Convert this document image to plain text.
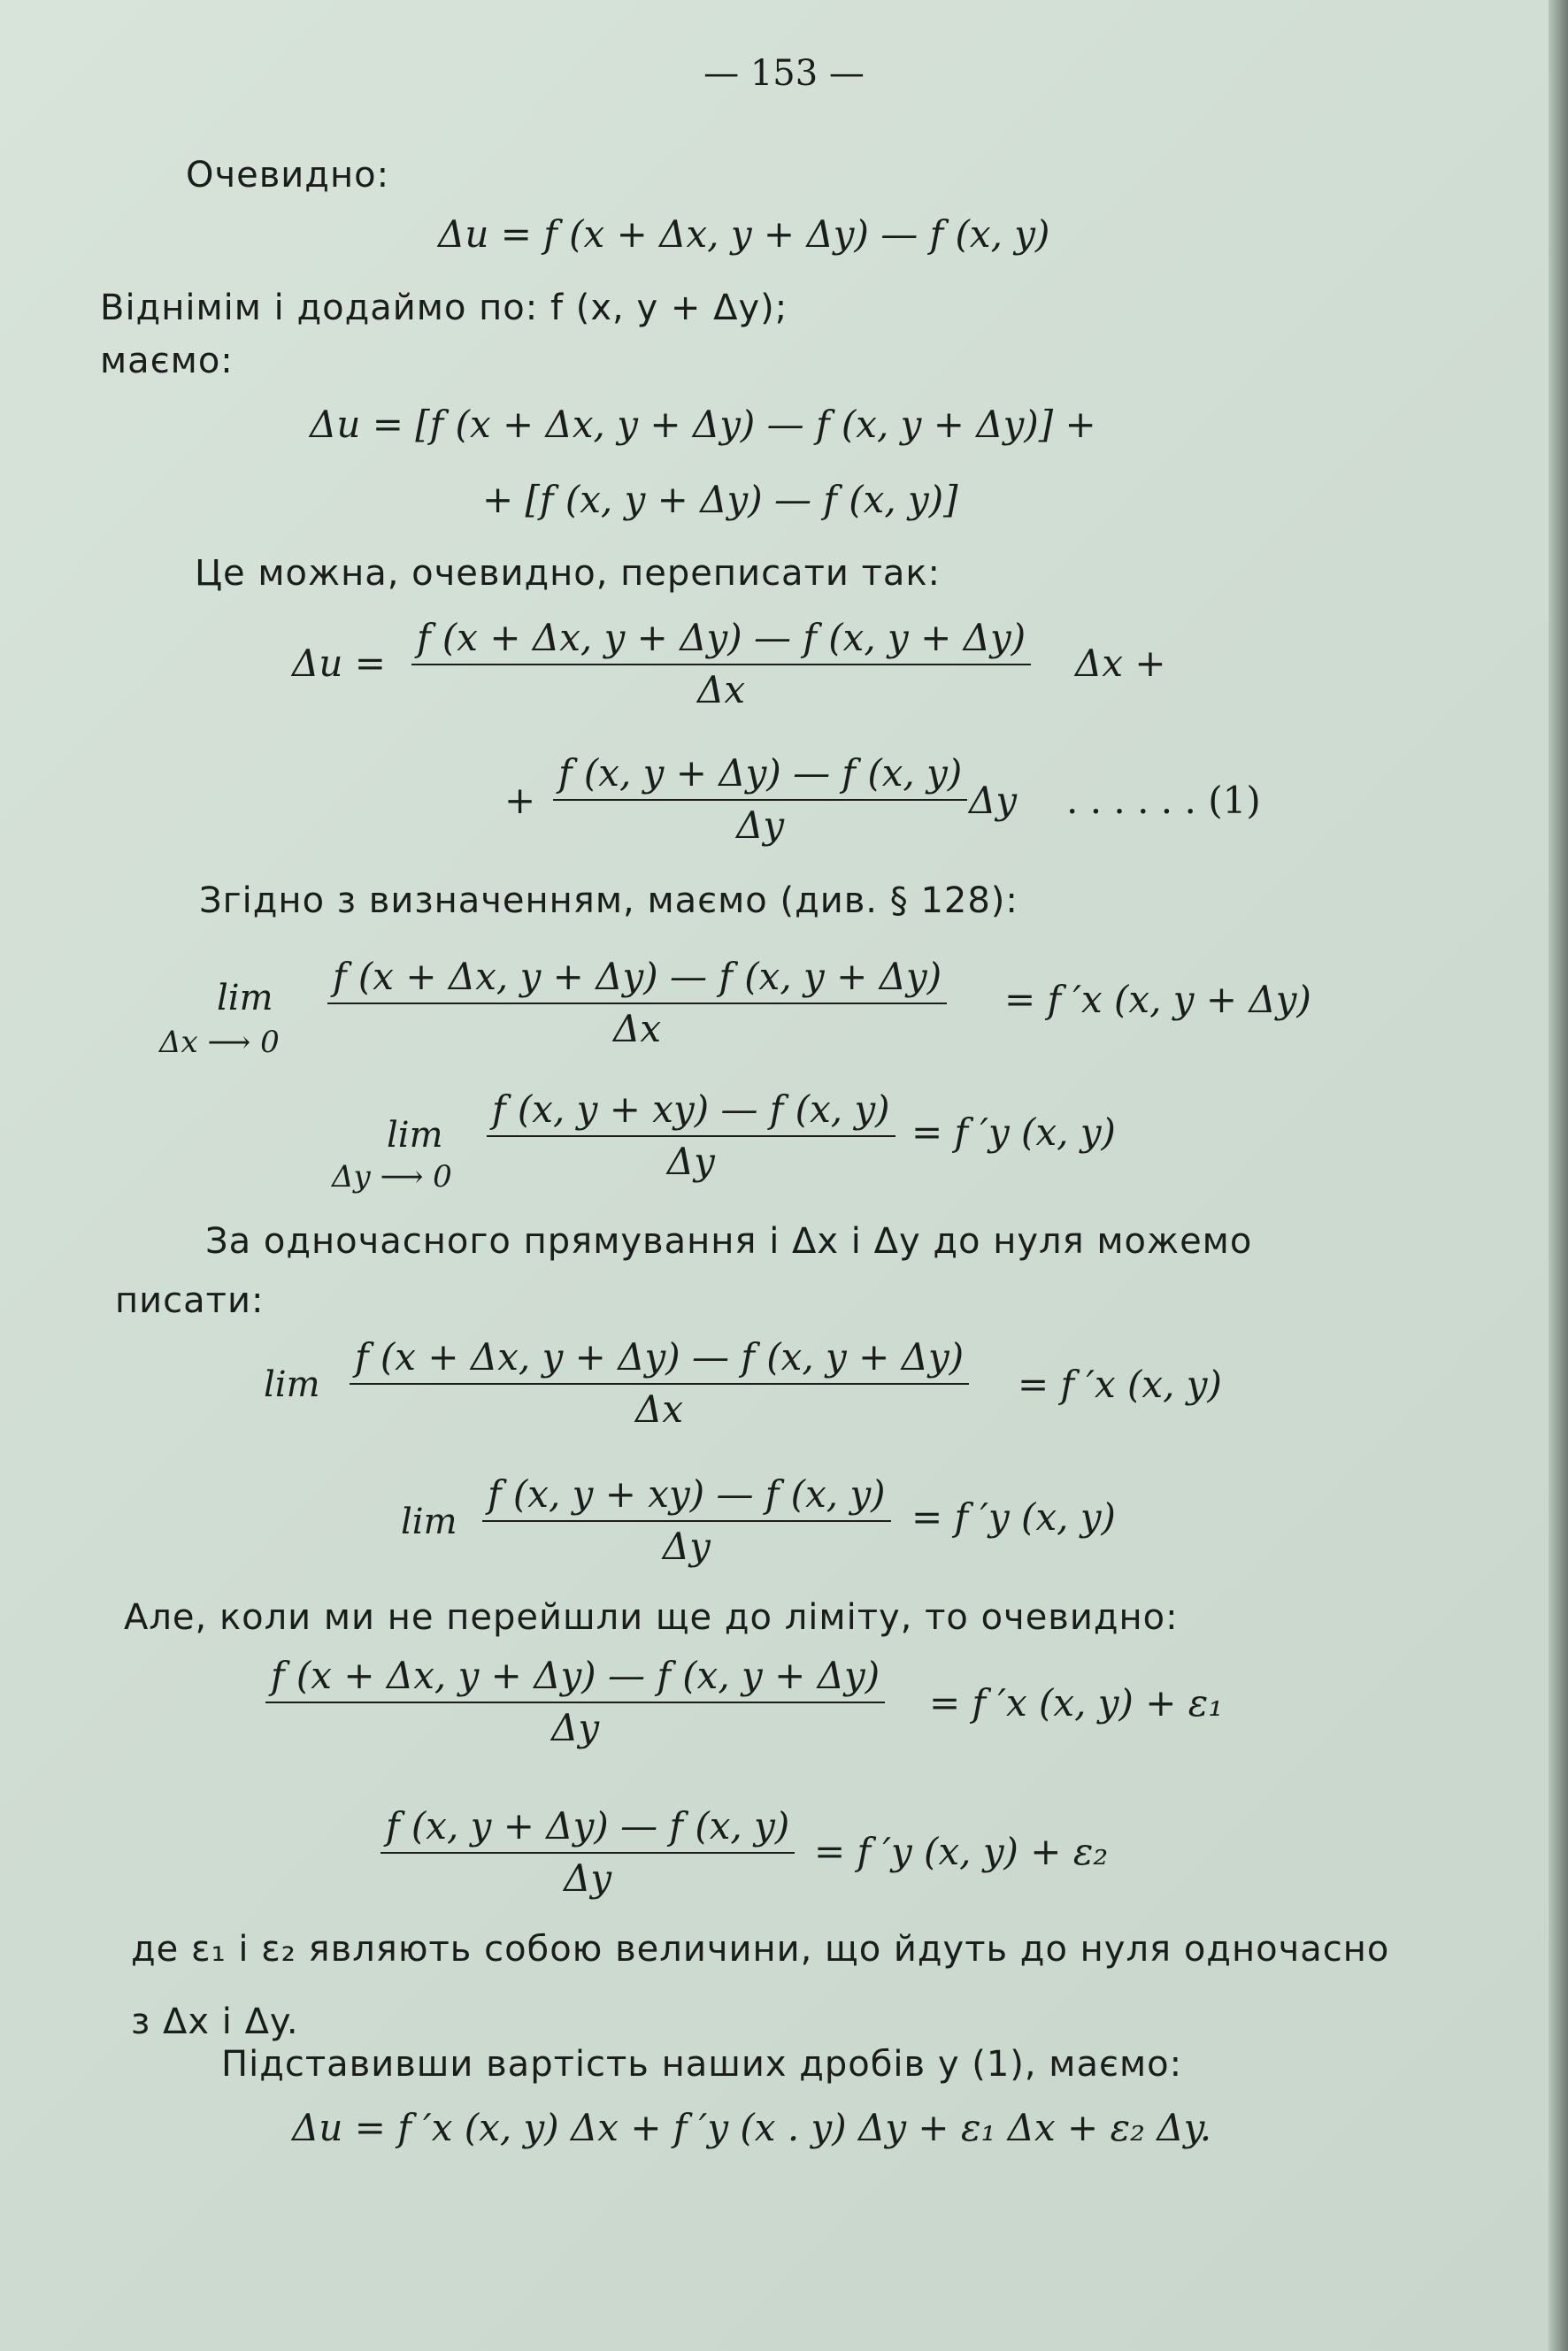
— 153 —
Очевидно:
Δu = f (x + Δx, y + Δy) — f (x, y)
Віднімім і додаймо по: f (x, y + Δy);
маємо:
Δu = [f (x + Δx, y + Δy) — f (x, y + Δy)] +
+ [f (x, y + Δy) — f (x, y)]
Це можна, очевидно, переписати так:
$\Delta u = \frac{f (x + \Delta x, y + \Delta y) — f (x, y + \Delta y)}{\Delta x}$ Δx +
+ $\frac{f (x, y + \Delta y) — f (x, y)}{\Delta y}$ Δy . . . . . . (1)
Згідно з визначенням, маємо (див. § 128):
lim
Δx ⟶ $0 \frac{f (x + \Delta x, y + \Delta y) — f (x, y + \Delta y)}{\Delta x} = f$ ′x (x, y + Δy)
lim
Δy ⟶ $0 \frac{f (x, y + xy) — f (x, y)}{\Delta y} = f$ ′y (x, y)
За одночасного прямування і Δx і Δy до нуля можемо
писати:
$\lim \frac{f (x + \Delta x, y + \Delta y) — f (x, y + \Delta y)}{\Delta x} = f$ ′x (x, y)
$\lim \frac{f (x, y + xy) — f (x, y)}{\Delta y} = f$ ′y (x, y)
Але, коли ми не перейшли ще до ліміту, то очевидно:
$\frac{f (x + \Delta x, y + \Delta y) — f (x, y + \Delta y)}{\Delta y} = f$ ′x (x, y) + ε₁
$\frac{f (x, y + \Delta y) — f (x, y)}{\Delta y} = f$ ′y (x, y) + ε₂
де ε₁ і ε₂ являють собою величини, що йдуть до нуля одночасно
з Δx і Δy.
Підставивши вартість наших дробів у (1), маємо:
Δu = f ′x (x, y) Δx + f ′y (x . y) Δy + ε₁ Δx + ε₂ Δy.
